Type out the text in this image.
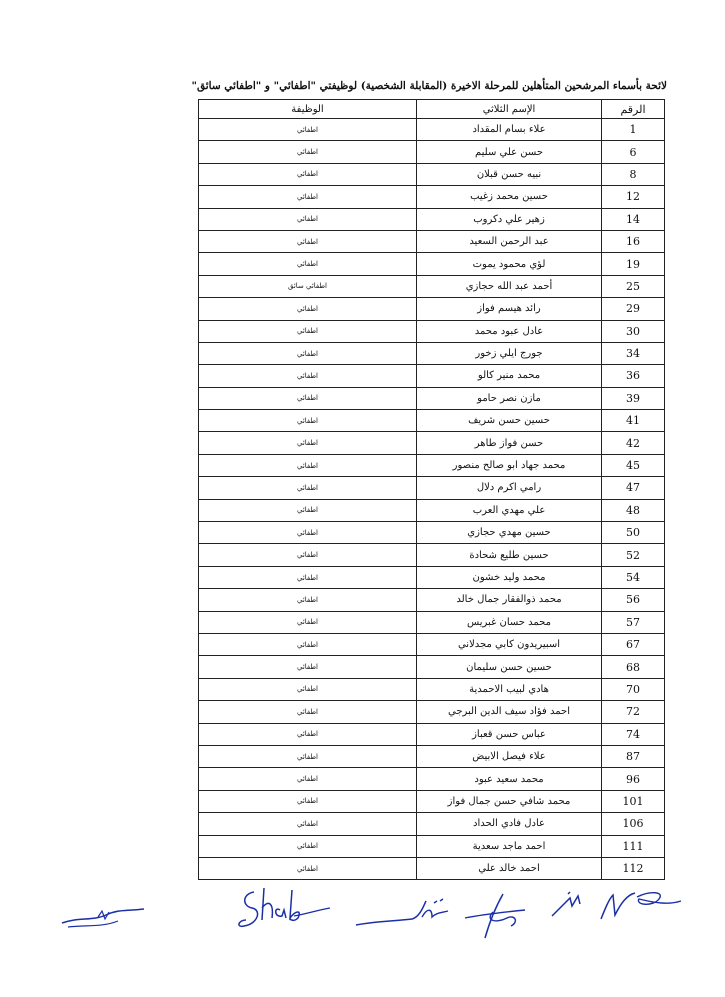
لائحة بأسماء المرشحين المتأهلين للمرحلة الاخيرة (المقابلة الشخصية) لوظيفتي "اطفائي" و "اطفائي سائق"
الرقم	الإسم الثلاثي	الوظيفة
1	علاء بسام المقداد	اطفائي
6	حسن علي سليم	اطفائي
8	نبيه حسن قبلان	اطفائي
12	حسين محمد زغيب	اطفائي
14	زهير علي دكروب	اطفائي
16	عبد الرحمن السعيد	اطفائي
19	لؤي محمود يموت	اطفائي
25	أحمد عبد الله حجازي	اطفائي سائق
29	رائد هيسم فواز	اطفائي
30	عادل عبود محمد	اطفائي
34	جورج ايلي زخور	اطفائي
36	محمد منير كالو	اطفائي
39	مازن نصر حامو	اطفائي
41	حسين حسن شريف	اطفائي
42	حسن فواز طاهر	اطفائي
45	محمد جهاد ابو صالح منصور	اطفائي
47	رامي اكرم دلال	اطفائي
48	علي مهدي العرب	اطفائي
50	حسين مهدي حجازي	اطفائي
52	حسين طليع شحادة	اطفائي
54	محمد وليد خشون	اطفائي
56	محمد ذوالفقار جمال خالد	اطفائي
57	محمد حسان غبريس	اطفائي
67	اسبيريدون كابي مجدلاني	اطفائي
68	حسين حسن سليمان	اطفائي
70	هادي لبيب الاحمدية	اطفائي
72	احمد فؤاد سيف الدين البرجي	اطفائي
74	عباس حسن قعباز	اطفائي
87	علاء فيصل الابيض	اطفائي
96	محمد سعيد عبود	اطفائي
101	محمد شافي حسن جمال فواز	اطفائي
106	عادل فادي الحداد	اطفائي
111	احمد ماجد سعدية	اطفائي
112	احمد خالد علي	اطفائي
